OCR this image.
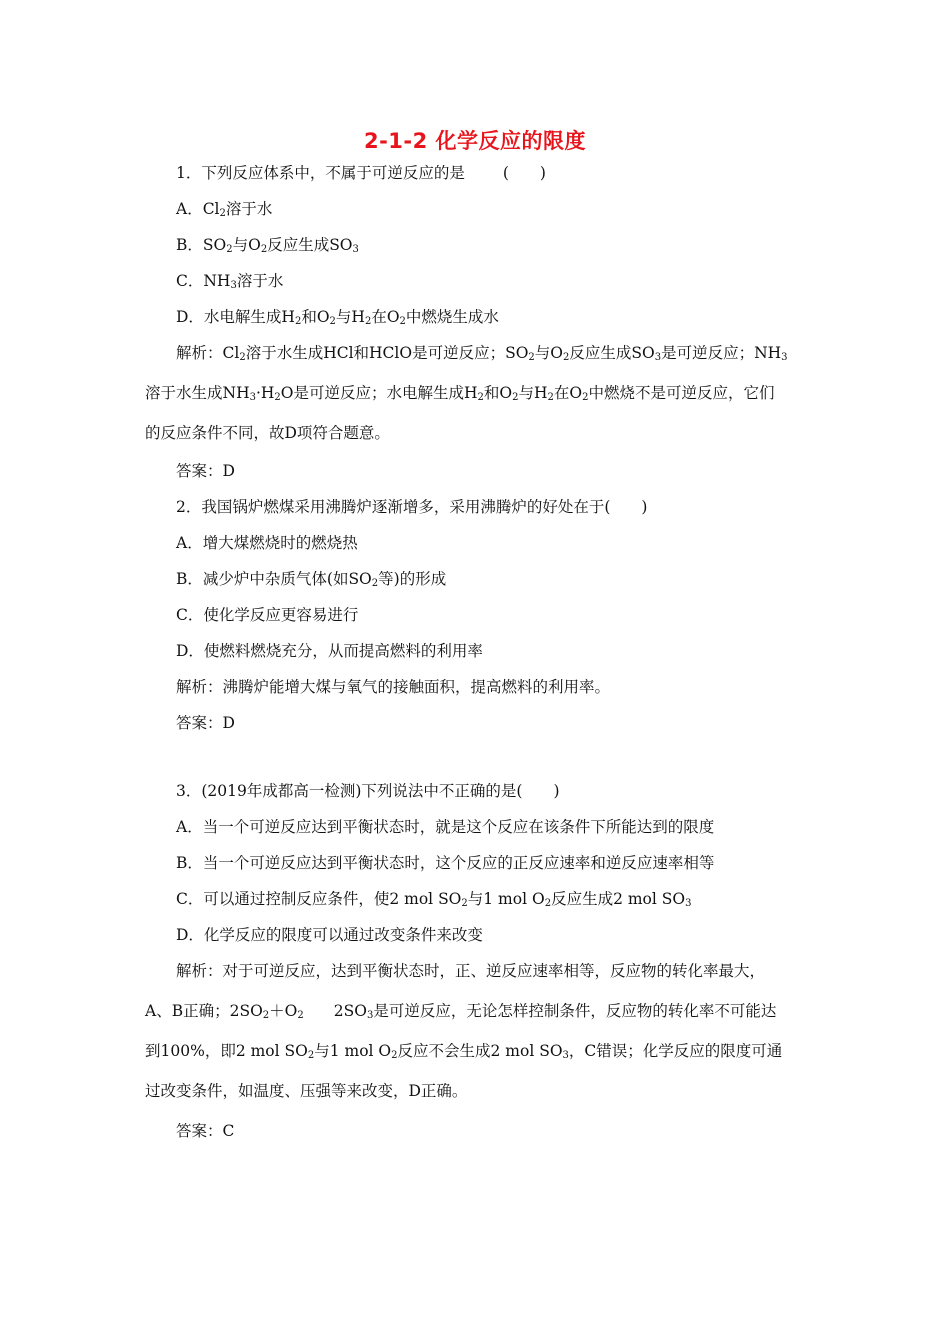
2-1-2 化学反应的限度
1．下列反应体系中，不属于可逆反应的是 (　　)
A．$Cl_2$溶于水
B．$SO_2$与$O_2$反应生成$SO_3$
C．$NH_3$溶于水
D．水电解生成$H_2$和$O_2$与$H_2$在$O_2$中燃烧生成水
解析：$Cl_2$溶于水生成HCl和HClO是可逆反应；$SO_2$与$O_2$反应生成$SO_3$是可逆反应；$NH_3$
溶于水生成$NH_3\cdot H_2O$是可逆反应；水电解生成$H_2$和$O_2$与$H_2$在$O_2$中燃烧不是可逆反应，它们
的反应条件不同，故D项符合题意。
答案：D
2．我国锅炉燃煤采用沸腾炉逐渐增多，采用沸腾炉的好处在于(　　)
A．增大煤燃烧时的燃烧热
B．减少炉中杂质气体(如$SO_2$等)的形成
C．使化学反应更容易进行
D．使燃料燃烧充分，从而提高燃料的利用率
解析：沸腾炉能增大煤与氧气的接触面积，提高燃料的利用率。
答案：D
3．(2019年成都高一检测)下列说法中不正确的是(　　)
A．当一个可逆反应达到平衡状态时，就是这个反应在该条件下所能达到的限度
B．当一个可逆反应达到平衡状态时，这个反应的正反应速率和逆反应速率相等
C．可以通过控制反应条件，使2 mol $SO_2$与1 mol $O_2$反应生成2 mol $SO_3$
D．化学反应的限度可以通过改变条件来改变
解析：对于可逆反应，达到平衡状态时，正、逆反应速率相等，反应物的转化率最大，
A、B正确；$2SO_2+O_2$ $2SO_3$是可逆反应，无论怎样控制条件，反应物的转化率不可能达
到100%，即2 mol $SO_2$与1 mol $O_2$反应不会生成2 mol $SO_3$，C错误；化学反应的限度可通
过改变条件，如温度、压强等来改变，D正确。
答案：C
